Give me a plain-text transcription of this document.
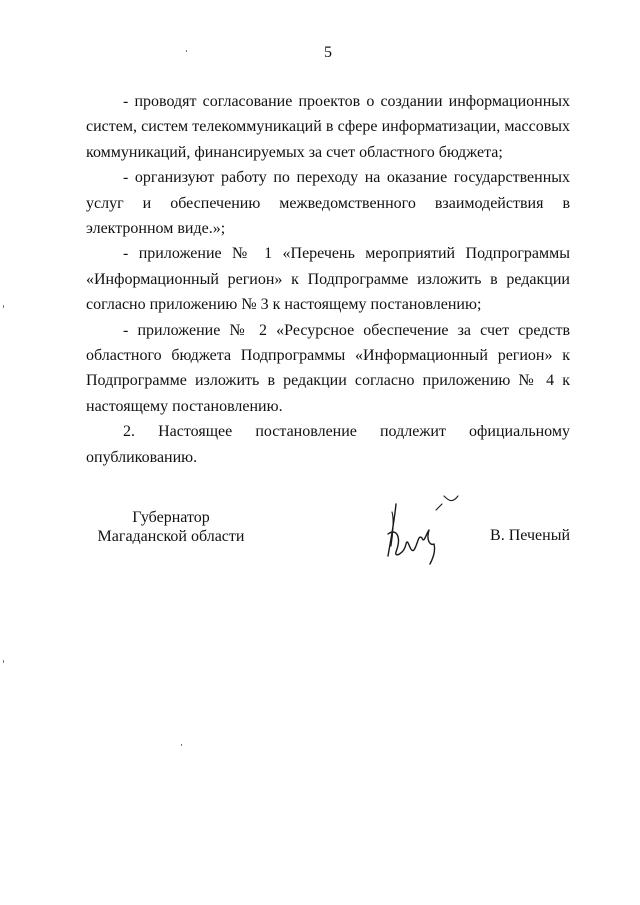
5

- проводят согласование проектов о создании информационных систем, систем телекоммуникаций в сфере информатизации, массовых коммуникаций, финансируемых за счет областного бюджета;

- организуют работу по переходу на оказание государственных услуг и обеспечению межведомственного взаимодействия в электронном виде.»;

- приложение № 1 «Перечень мероприятий Подпрограммы «Информационный регион» к Подпрограмме изложить в редакции согласно приложению № 3 к настоящему постановлению;

- приложение № 2 «Ресурсное обеспечение за счет средств областного бюджета Подпрограммы «Информационный регион» к Подпрограмме изложить в редакции согласно приложению № 4 к настоящему постановлению.

2. Настоящее постановление подлежит официальному опубликованию.

Губернатор
Магаданской области	В. Печеный
